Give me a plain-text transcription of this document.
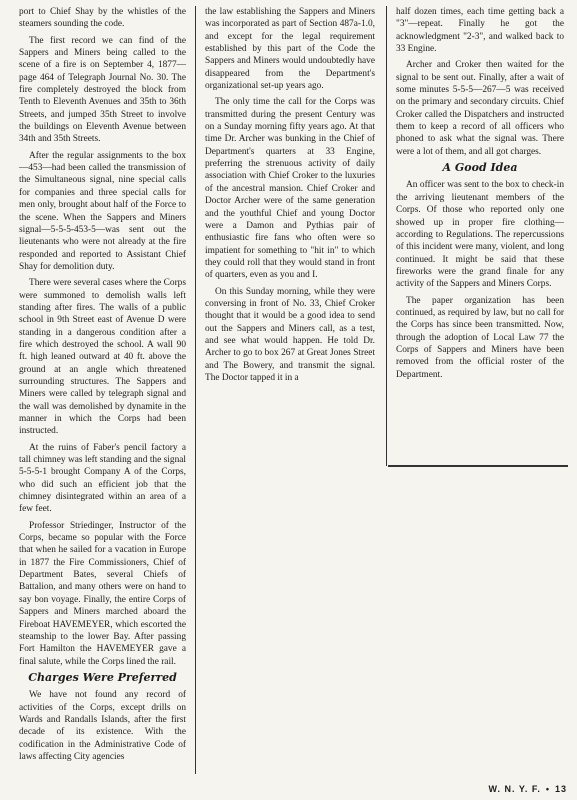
port to Chief Shay by the whistles of the steamers sounding the code.

The first record we can find of the Sappers and Miners being called to the scene of a fire is on September 4, 1877—page 464 of Telegraph Journal No. 30. The fire completely destroyed the block from Tenth to Eleventh Avenues and 35th to 36th Streets, and jumped 35th Street to involve the buildings on Eleventh Avenue between 34th and 35th Streets.

After the regular assignments to the box—453—had been called the transmission of the Simultaneous signal, nine special calls for companies and three special calls for men only, brought about half of the Force to the scene. When the Sappers and Miners signal—5-5-5-453-5—was sent out the lieutenants who were not already at the fire responded and reported to Assistant Chief Shay for demolition duty.

There were several cases where the Corps were summoned to demolish walls left standing after fires. The walls of a public school in 9th Street east of Avenue D were standing in a dangerous condition after a fire which destroyed the school. A wall 90 ft. high leaned outward at 40 ft. above the ground at an angle which threatened surrounding structures. The Sappers and Miners were called by telegraph signal and the wall was demolished by dynamite in the manner in which the Corps had been instructed.

At the ruins of Faber's pencil factory a tall chimney was left standing and the signal 5-5-5-1 brought Company A of the Corps, who did such an efficient job that the chimney disintegrated within an area of a few feet.

Professor Striedinger, Instructor of the Corps, became so popular with the Force that when he sailed for a vacation in Europe in 1877 the Fire Commissioners, Chief of Department Bates, several Chiefs of Battalion, and many others were on hand to say bon voyage. Finally, the entire Corps of Sappers and Miners marched aboard the Fireboat HAVEMEYER, which escorted the steamship to the lower Bay. After passing Fort Hamilton the HAVEMEYER gave a final salute, while the Corps lined the rail.

Charges Were Preferred

We have not found any record of activities of the Corps, except drills on Wards and Randalls Islands, after the first decade of its existence. With the codification in the Administrative Code of laws affecting City agencies

the law establishing the Sappers and Miners was incorporated as part of Section 487a-1.0, and except for the legal requirement established by this part of the Code the Sappers and Miners would undoubtedly have disappeared from the Department's organizational set-up years ago.

The only time the call for the Corps was transmitted during the present Century was on a Sunday morning fifty years ago. At that time Dr. Archer was bunking in the Chief of Department's quarters at 33 Engine, preferring the strenuous activity of daily association with Chief Croker to the luxuries of the ancestral mansion. Chief Croker and Doctor Archer were of the same generation and the youthful Chief and young Doctor were a Damon and Pythias pair of enthusiastic fire fans who often were so impatient for something to "hit in" to which they could roll that they would stand in front of quarters, even as you and I.

On this Sunday morning, while they were conversing in front of No. 33, Chief Croker thought that it would be a good idea to send out the Sappers and Miners call, as a test, and see what would happen. He told Dr. Archer to go to box 267 at Great Jones Street and The Bowery, and transmit the signal. The Doctor tapped it in a

half dozen times, each time getting back a "3"—repeat. Finally he got the acknowledgment "2-3", and walked back to 33 Engine.

Archer and Croker then waited for the signal to be sent out. Finally, after a wait of some minutes 5-5-5—267—5 was received on the primary and secondary circuits. Chief Croker called the Dispatchers and instructed them to keep a record of all officers who phoned to ask what the signal was. There were a lot of them, and all got charges.

A Good Idea

An officer was sent to the box to check-in the arriving lieutenant members of the Corps. Of those who reported only one showed up in proper fire clothing—according to Regulations. The repercussions of this incident were many, violent, and long continued. It might be said that these fireworks were the grand finale for any activity of the Sappers and Miners Corps.

The paper organization has been continued, as required by law, but no call for the Corps has since been transmitted. Now, through the adoption of Local Law 77 the Corps of Sappers and Miners have been removed from the official roster of the Department.

W. N. Y. F. • 13
